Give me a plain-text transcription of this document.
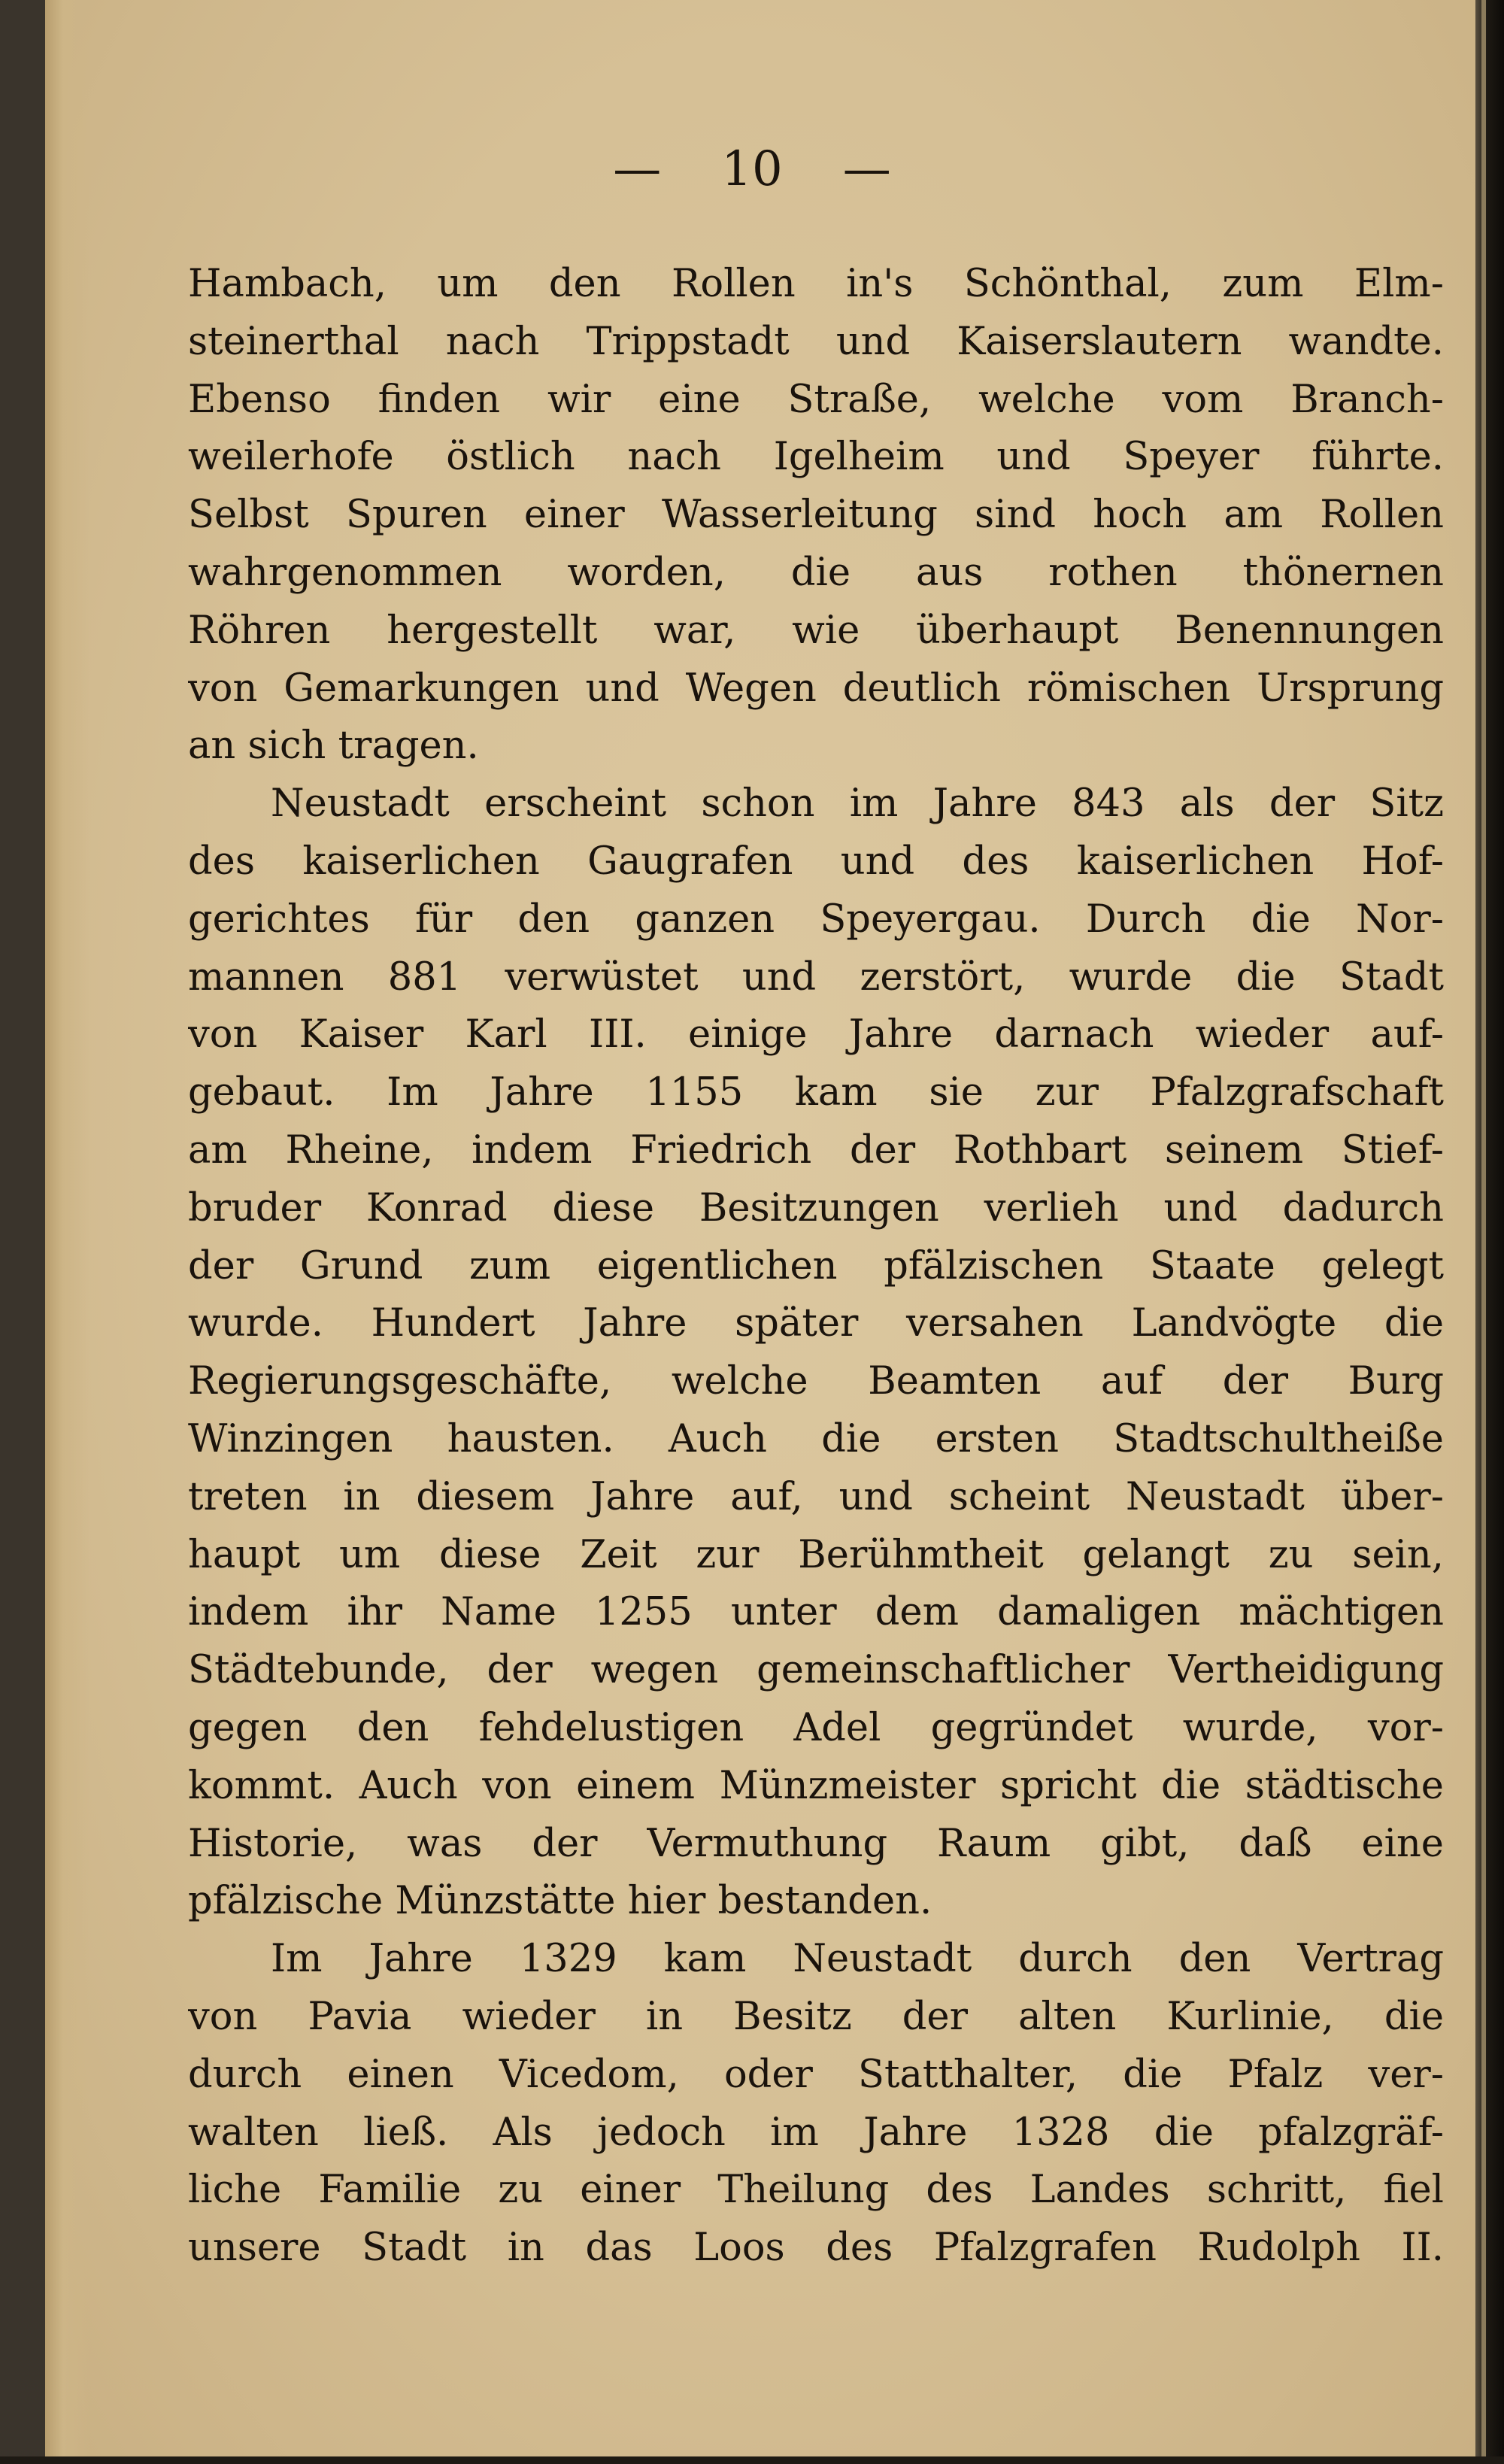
— 10 —
Hambach, um den Rollen in's Schönthal, zum Elm-
steinerthal nach Trippstadt und Kaiserslautern wandte.
Ebenso finden wir eine Straße, welche vom Branch-
weilerhofe östlich nach Igelheim und Speyer führte.
Selbst Spuren einer Wasserleitung sind hoch am Rollen
wahrgenommen worden, die aus rothen thönernen
Röhren hergestellt war, wie überhaupt Benennungen
von Gemarkungen und Wegen deutlich römischen Ursprung
an sich tragen.
Neustadt erscheint schon im Jahre 843 als der Sitz
des kaiserlichen Gaugrafen und des kaiserlichen Hof-
gerichtes für den ganzen Speyergau. Durch die Nor-
mannen 881 verwüstet und zerstört, wurde die Stadt
von Kaiser Karl III. einige Jahre darnach wieder auf-
gebaut. Im Jahre 1155 kam sie zur Pfalzgrafschaft
am Rheine, indem Friedrich der Rothbart seinem Stief-
bruder Konrad diese Besitzungen verlieh und dadurch
der Grund zum eigentlichen pfälzischen Staate gelegt
wurde. Hundert Jahre später versahen Landvögte die
Regierungsgeschäfte, welche Beamten auf der Burg
Winzingen hausten. Auch die ersten Stadtschultheiße
treten in diesem Jahre auf, und scheint Neustadt über-
haupt um diese Zeit zur Berühmtheit gelangt zu sein,
indem ihr Name 1255 unter dem damaligen mächtigen
Städtebunde, der wegen gemeinschaftlicher Vertheidigung
gegen den fehdelustigen Adel gegründet wurde, vor-
kommt. Auch von einem Münzmeister spricht die städtische
Historie, was der Vermuthung Raum gibt, daß eine
pfälzische Münzstätte hier bestanden.
Im Jahre 1329 kam Neustadt durch den Vertrag
von Pavia wieder in Besitz der alten Kurlinie, die
durch einen Vicedom, oder Statthalter, die Pfalz ver-
walten ließ. Als jedoch im Jahre 1328 die pfalzgräf-
liche Familie zu einer Theilung des Landes schritt, fiel
unsere Stadt in das Loos des Pfalzgrafen Rudolph II.
